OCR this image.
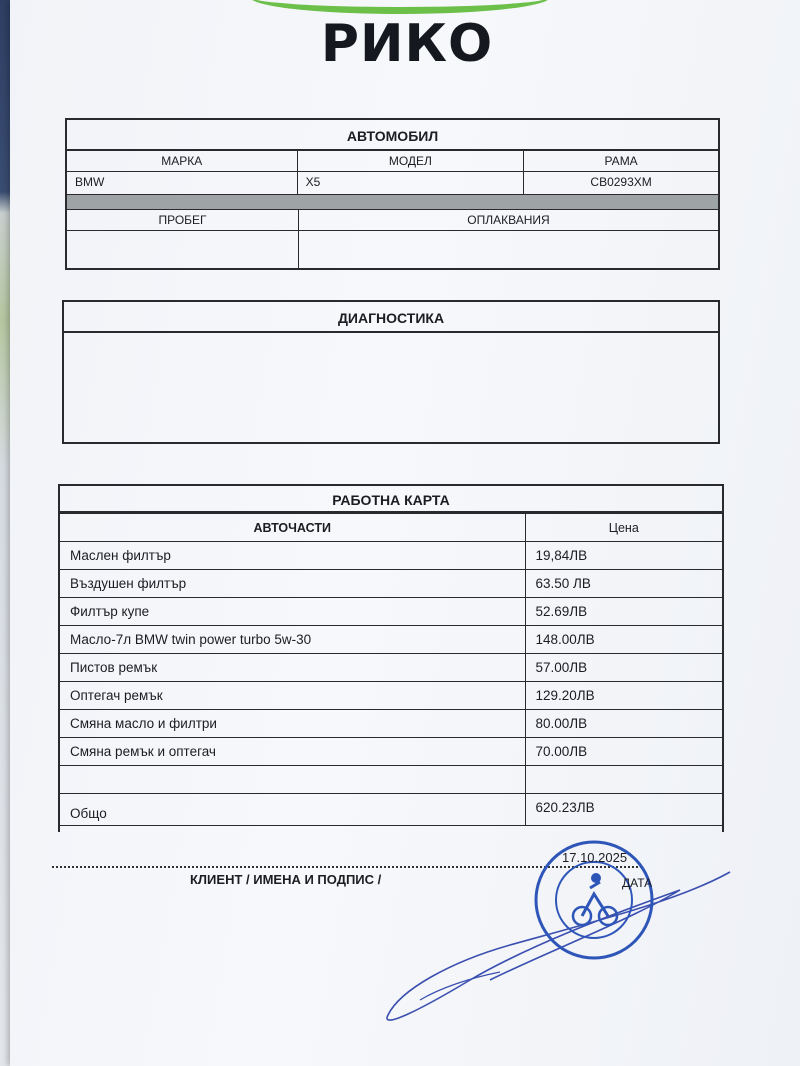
РИКО
АВТОМОБИЛ
МАРКА	МОДЕЛ	РАМА
BMW	X5	СВ0293ХМ
ПРОБЕГ	ОПЛАКВАНИЯ
ДИАГНОСТИКА
РАБОТНА КАРТА
АВТОЧАСТИ	Цена
Маслен филтър	19,84ЛВ
Въздушен филтър	63.50 ЛВ
Филтър купе	52.69ЛВ
Масло-7л BMW twin power turbo 5w-30	148.00ЛВ
Пистов ремък	57.00ЛВ
Оптегач ремък	129.20ЛВ
Смяна масло и филтри	80.00ЛВ
Смяна ремък и оптегач	70.00ЛВ

Общо	620.23ЛВ
КЛИЕНТ / ИМЕНА И ПОДПИС /
17.10.2025
ДАТА
